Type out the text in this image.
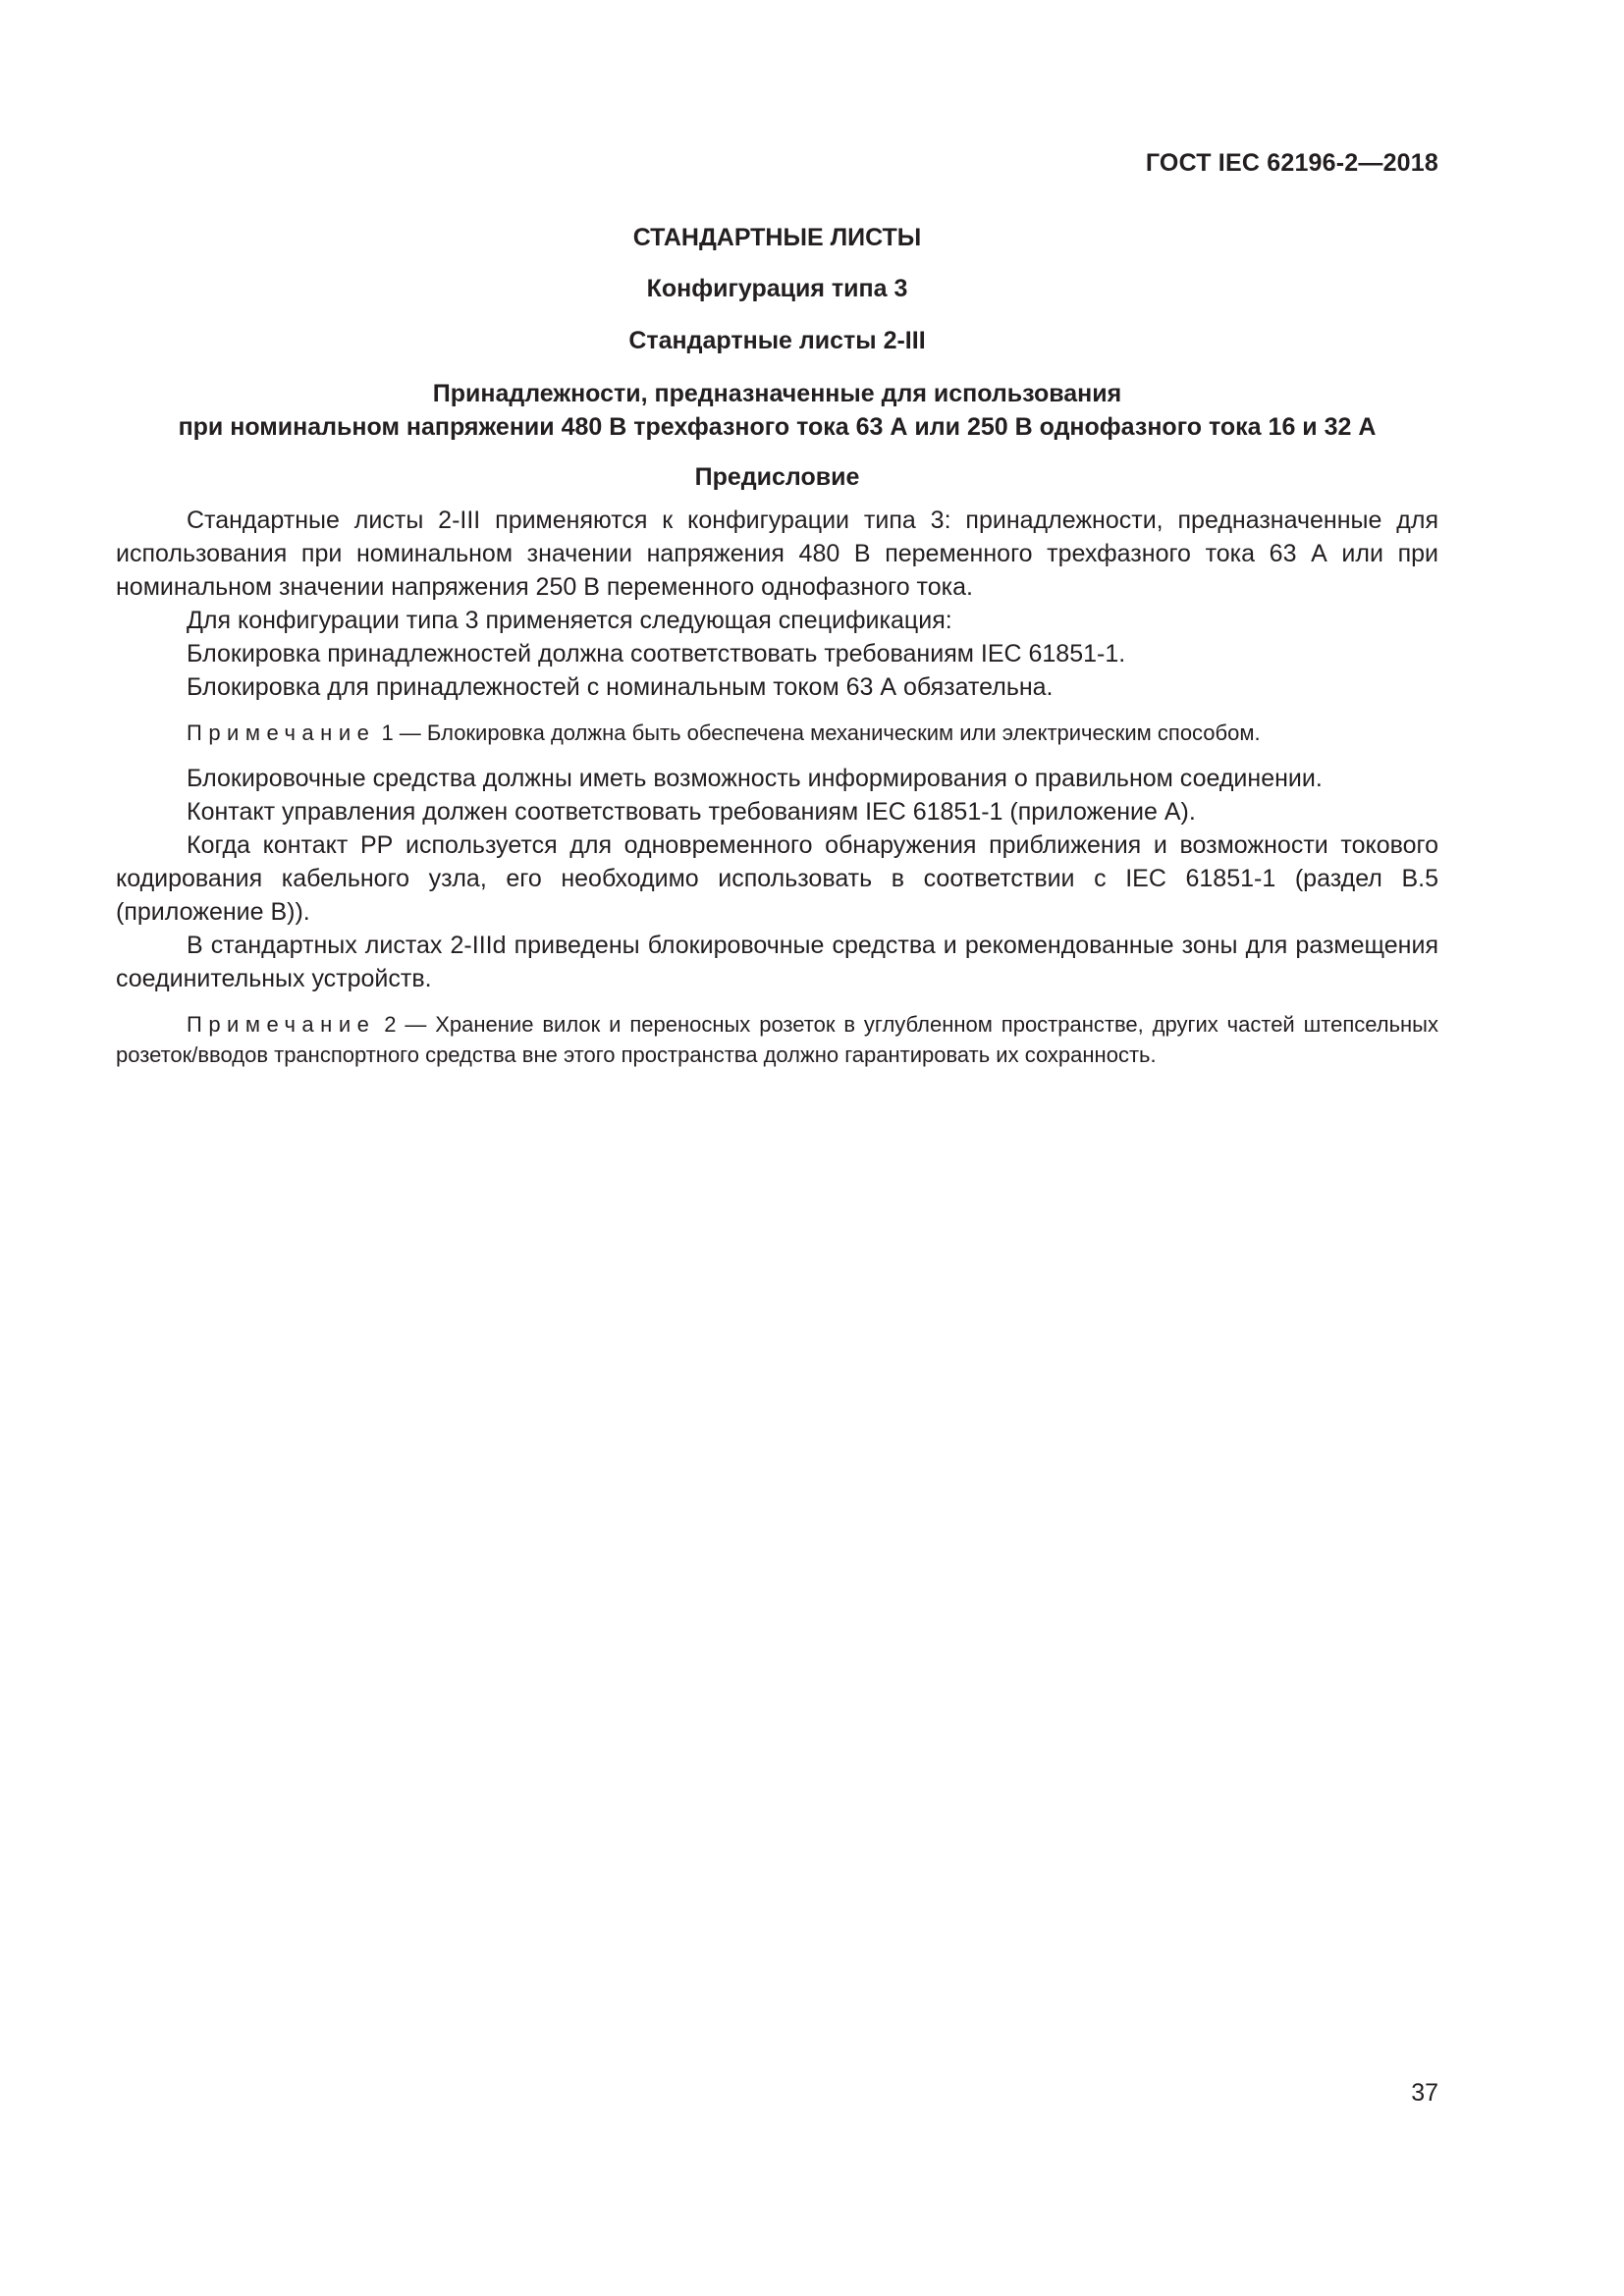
ГОСТ IEC 62196-2—2018

СТАНДАРТНЫЕ ЛИСТЫ

Конфигурация типа 3

Стандартные листы 2-III

Принадлежности, предназначенные для использования
при номинальном напряжении 480 В трехфазного тока 63 А или 250 В однофазного тока 16 и 32 А

Предисловие

Стандартные листы 2-III применяются к конфигурации типа 3: принадлежности, предназначенные для использования при номинальном значении напряжения 480 В переменного трехфазного тока 63 А или при номинальном значении напряжения 250 В переменного однофазного тока.

Для конфигурации типа 3 применяется следующая спецификация:

Блокировка принадлежностей должна соответствовать требованиям IEC 61851-1.

Блокировка для принадлежностей с номинальным током 63 А обязательна.

Примечание 1 — Блокировка должна быть обеспечена механическим или электрическим способом.

Блокировочные средства должны иметь возможность информирования о правильном соединении.

Контакт управления должен соответствовать требованиям IEC 61851-1 (приложение А).

Когда контакт РР используется для одновременного обнаружения приближения и возможности токового кодирования кабельного узла, его необходимо использовать в соответствии с IEC 61851-1 (раздел В.5 (приложение В)).

В стандартных листах 2-IIId приведены блокировочные средства и рекомендованные зоны для размещения соединительных устройств.

Примечание 2 — Хранение вилок и переносных розеток в углубленном пространстве, других частей штепсельных розеток/вводов транспортного средства вне этого пространства должно гарантировать их сохранность.

37
